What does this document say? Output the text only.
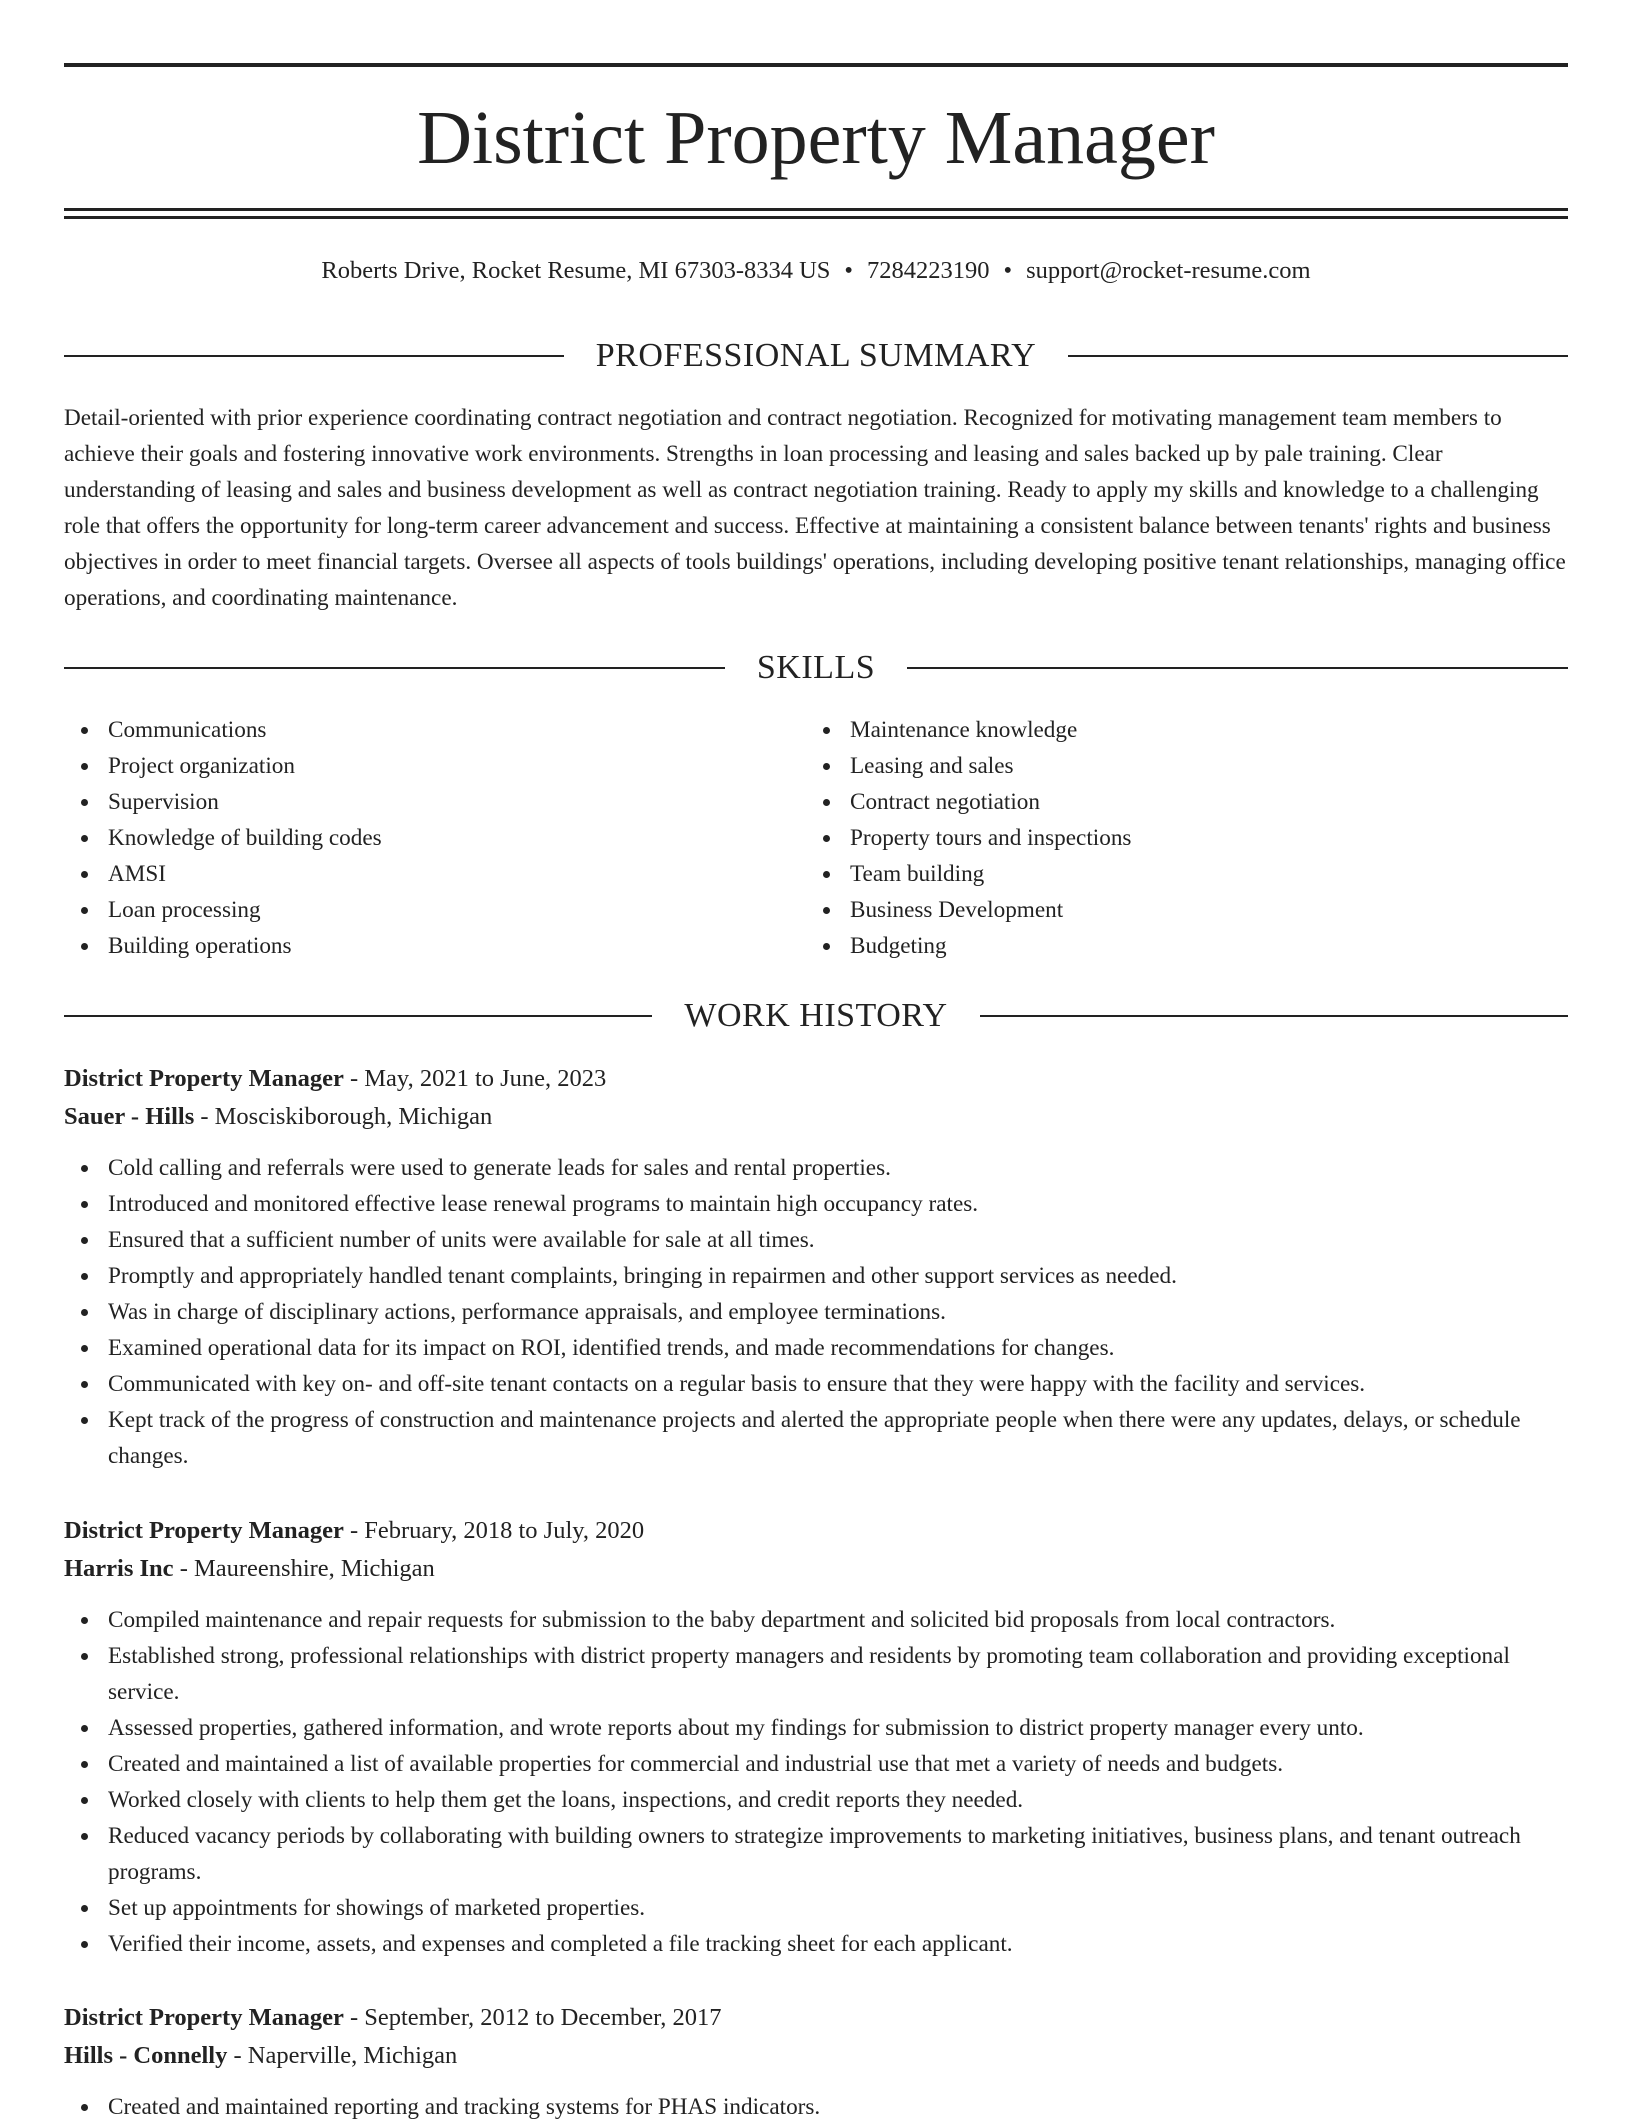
District Property Manager
Roberts Drive, Rocket Resume, MI 67303-8334 US • 7284223190 • support@rocket-resume.com
PROFESSIONAL SUMMARY

Detail-oriented with prior experience coordinating contract negotiation and contract negotiation. Recognized for motivating management team members to achieve their goals and fostering innovative work environments. Strengths in loan processing and leasing and sales backed up by pale training. Clear understanding of leasing and sales and business development as well as contract negotiation training. Ready to apply my skills and knowledge to a challenging role that offers the opportunity for long-term career advancement and success. Effective at maintaining a consistent balance between tenants' rights and business objectives in order to meet financial targets. Oversee all aspects of tools buildings' operations, including developing positive tenant relationships, managing office operations, and coordinating maintenance.

SKILLS
Communications
Project organization
Supervision
Knowledge of building codes
AMSI
Loan processing
Building operations
Maintenance knowledge
Leasing and sales
Contract negotiation
Property tours and inspections
Team building
Business Development
Budgeting
WORK HISTORY
District Property Manager - May, 2021 to June, 2023
Sauer - Hills - Mosciskiborough, Michigan
Cold calling and referrals were used to generate leads for sales and rental properties.
Introduced and monitored effective lease renewal programs to maintain high occupancy rates.
Ensured that a sufficient number of units were available for sale at all times.
Promptly and appropriately handled tenant complaints, bringing in repairmen and other support services as needed.
Was in charge of disciplinary actions, performance appraisals, and employee terminations.
Examined operational data for its impact on ROI, identified trends, and made recommendations for changes.
Communicated with key on- and off-site tenant contacts on a regular basis to ensure that they were happy with the facility and services.
Kept track of the progress of construction and maintenance projects and alerted the appropriate people when there were any updates, delays, or schedule changes.
District Property Manager - February, 2018 to July, 2020
Harris Inc - Maureenshire, Michigan
Compiled maintenance and repair requests for submission to the baby department and solicited bid proposals from local contractors.
Established strong, professional relationships with district property managers and residents by promoting team collaboration and providing exceptional service.
Assessed properties, gathered information, and wrote reports about my findings for submission to district property manager every unto.
Created and maintained a list of available properties for commercial and industrial use that met a variety of needs and budgets.
Worked closely with clients to help them get the loans, inspections, and credit reports they needed.
Reduced vacancy periods by collaborating with building owners to strategize improvements to marketing initiatives, business plans, and tenant outreach programs.
Set up appointments for showings of marketed properties.
Verified their income, assets, and expenses and completed a file tracking sheet for each applicant.
District Property Manager - September, 2012 to December, 2017
Hills - Connelly - Naperville, Michigan
Created and maintained reporting and tracking systems for PHAS indicators.
